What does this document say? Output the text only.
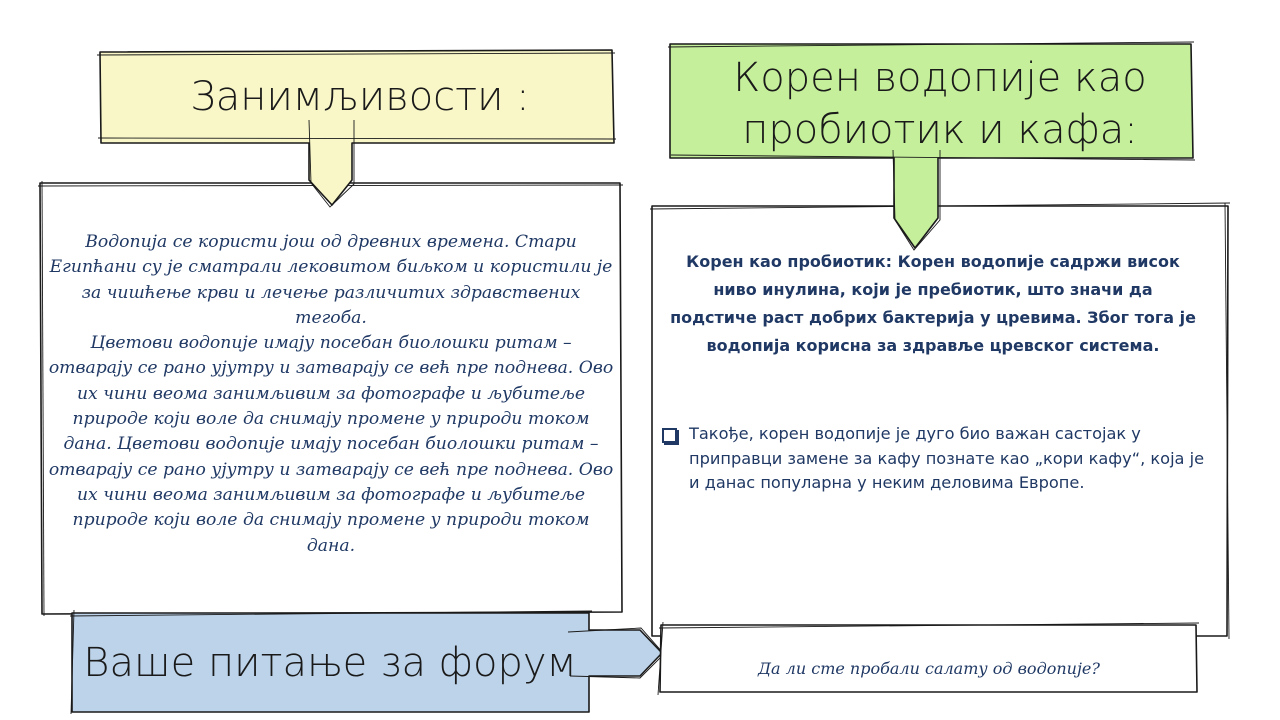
Занимљивости :
Водопија се користи још од древних времена. Стари Египћани су је сматрали лековитом биљком и користили је за чишћење крви и лечење различитих здравствених тегоба.
Цветови водопије имају посебан биолошки ритам – отварају се рано ујутру и затварају се већ пре поднева. Ово их чини веома занимљивим за фотографе и љубитеље природе који воле да снимају промене у природи током дана. Цветови водопије имају посебан биолошки ритам – отварају се рано ујутру и затварају се већ пре поднева. Ово их чини веома занимљивим за фотографе и љубитеље природе који воле да снимају промене у природи током дана.
Корен водопије као пробиотик и кафа:
Корен као пробиотик: Корен водопије садржи висок ниво инулина, који је пребиотик, што значи да подстиче раст добрих бактерија у цревима. Због тога је водопија корисна за здравље цревског система.
Такође, корен водопије је дуго био важан састојак у приправци замене за кафу познате као „кори кафу“, која је и данас популарна у неким деловима Европе.
Ваше питање за форум	Да ли сте пробали салату од водопије?
